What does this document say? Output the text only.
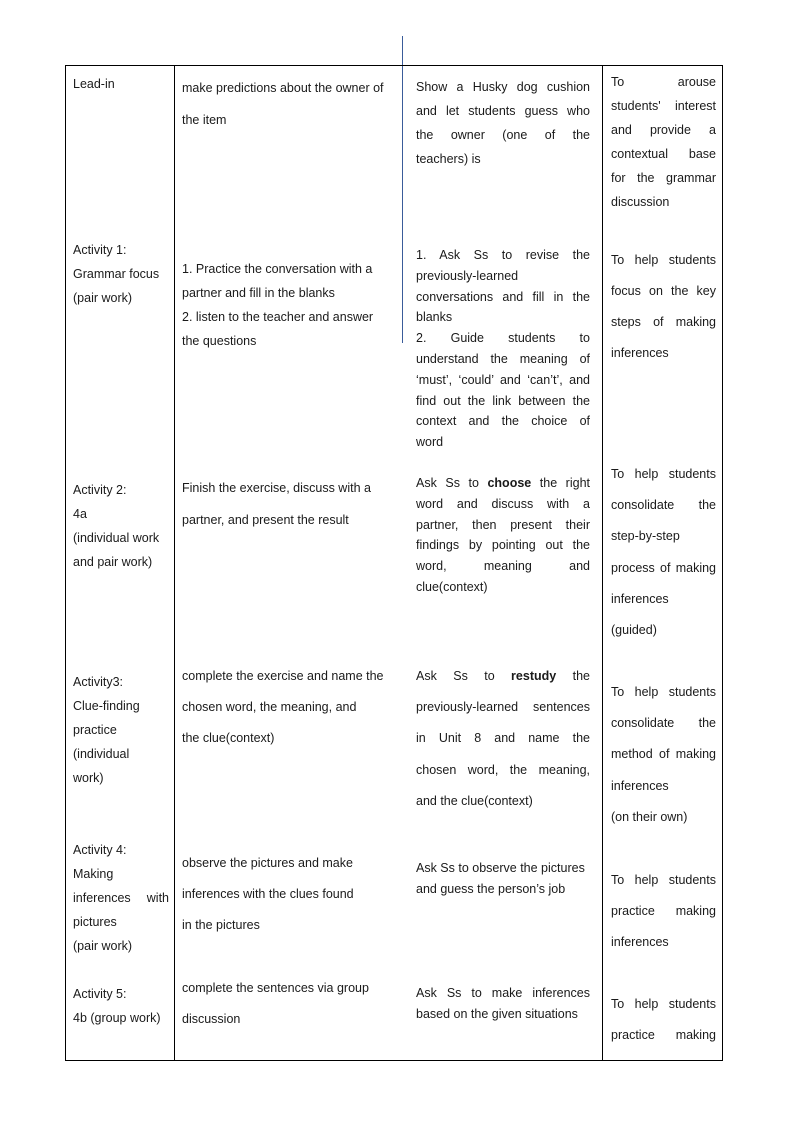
Lead-in	make predictions about the owner of
the item
Show a Husky dog cushion
and let students guess who
the owner (one of the
teachers) is
To arouse
students' interest
and provide a
contextual base
for the grammar
discussion
Activity 1:
Grammar focus
(pair work)
1. Practice the conversation with a
partner and fill in the blanks
2. listen to the teacher and answer
the questions
1. Ask Ss to revise the
previously-learned
conversations and fill in the
blanks
2. Guide students to
understand the meaning of
‘must’, ‘could’ and ‘can’t’, and
find out the link between the
context and the choice of
word
To help students
focus on the key
steps of making
inferences
Activity 2:
4a
(individual work
and pair work)
Finish the exercise, discuss with a
partner, and present the result
Ask Ss to choose the right
word and discuss with a
partner, then present their
findings by pointing out the
word, meaning and
clue(context)
To help students
consolidate the
step-by-step
process of making
inferences
(guided)
Activity3:
Clue-finding
practice
(individual
work)
complete the exercise and name the
chosen word, the meaning, and
the clue(context)
Ask Ss to restudy the
previously-learned sentences
in Unit 8 and name the
chosen word, the meaning,
and the clue(context)
To help students
consolidate the
method of making
inferences
(on their own)
Activity 4:
Making
inferences with
pictures
(pair work)
observe the pictures and make
inferences with the clues found
in the pictures
Ask Ss to observe the pictures
and guess the person’s job
To help students
practice making
inferences
Activity 5:
4b (group work)
complete the sentences via group
discussion
Ask Ss to make inferences
based on the given situations
To help students
practice making
